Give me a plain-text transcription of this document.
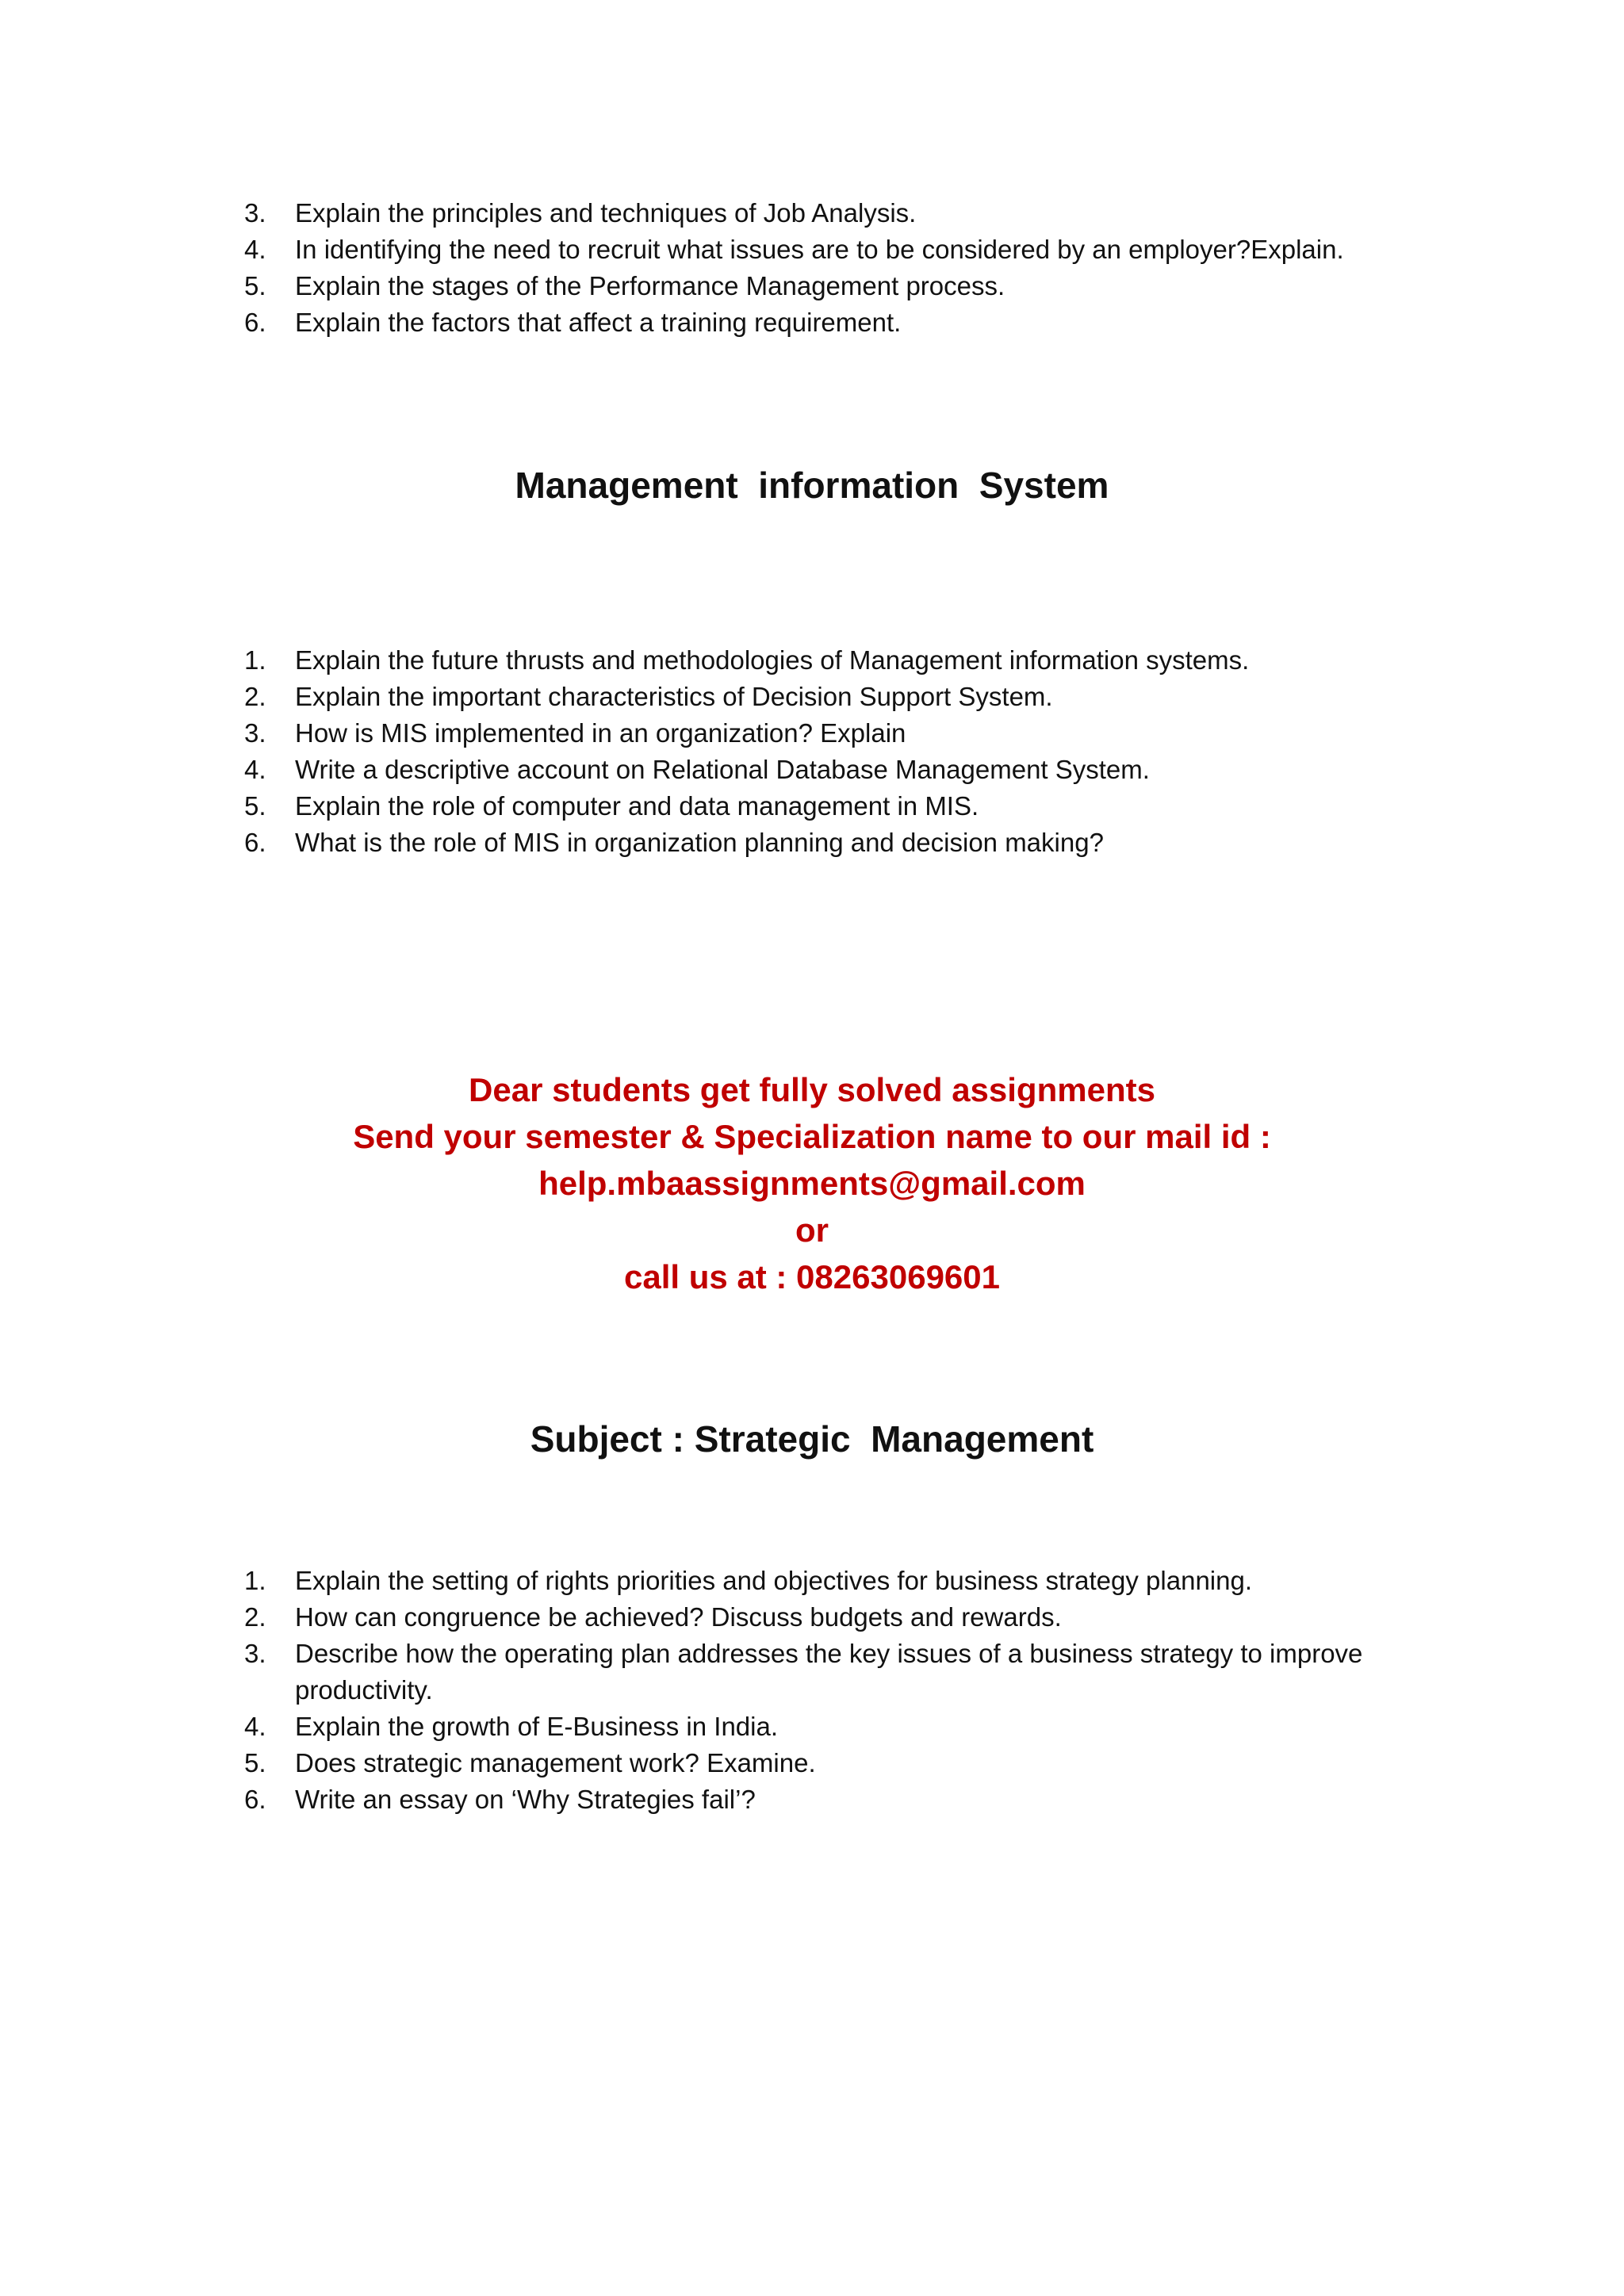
3.	Explain the principles and techniques of Job Analysis.
4.	In identifying the need to recruit what issues are to be considered by an employer?Explain.
5.	Explain the stages of the Performance Management process.
6.	Explain the factors that affect a training requirement.
Management  information  System
1.	Explain the future thrusts and methodologies of Management information systems.
2.	Explain the important characteristics of Decision Support System.
3.	How is MIS implemented in an organization? Explain
4.	Write a descriptive account on Relational Database Management System.
5.	Explain the role of computer and data management in MIS.
6.	What is the role of MIS in organization planning and decision making?
Dear students get fully solved assignments
Send your semester & Specialization name to our mail id :
help.mbaassignments@gmail.com
or
call us at : 08263069601
Subject : Strategic  Management
1.	Explain the setting of rights priorities and objectives for business strategy planning.
2.	How can congruence be achieved? Discuss budgets and rewards.
3.	Describe how the operating plan addresses the key issues of a business strategy to improve productivity.
4.	Explain the growth of E-Business in India.
5.	Does strategic management work? Examine.
6.	Write an essay on ‘Why Strategies fail’?
